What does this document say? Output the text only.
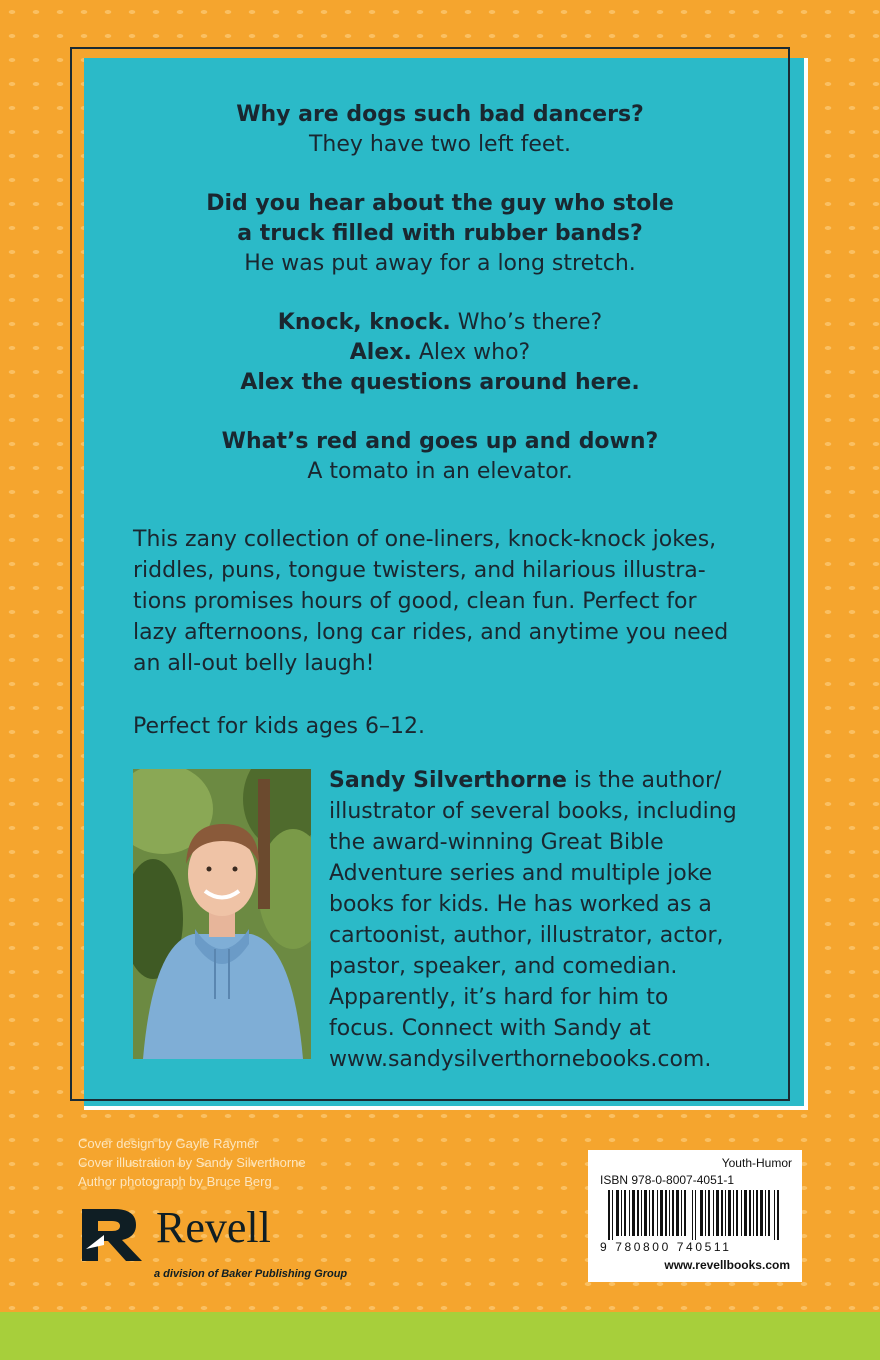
Why are dogs such bad dancers?
They have two left feet.
Did you hear about the guy who stole
a truck filled with rubber bands?
He was put away for a long stretch.
Knock, knock. Who’s there?
Alex. Alex who?
Alex the questions around here.
What’s red and goes up and down?
A tomato in an elevator.

This zany collection of one-liners, knock-knock jokes,
riddles, puns, tongue twisters, and hilarious illustra-
tions promises hours of good, clean fun. Perfect for
lazy afternoons, long car rides, and anytime you need
an all-out belly laugh!

Perfect for kids ages 6–12.

Sandy Silverthorne is the author/
illustrator of several books, including
the award-winning Great Bible
Adventure series and multiple joke
books for kids. He has worked as a
cartoonist, author, illustrator, actor,
pastor, speaker, and comedian.
Apparently, it’s hard for him to
focus. Connect with Sandy at
www.sandysilverthornebooks.com.
Cover design by Gayle Raymer
Cover illustration by Sandy Silverthorne
Author photograph by Bruce Berg
Revell
a division of Baker Publishing Group
Youth-Humor
ISBN 978-0-8007-4051-1
9 780800 740511
www.revellbooks.com
